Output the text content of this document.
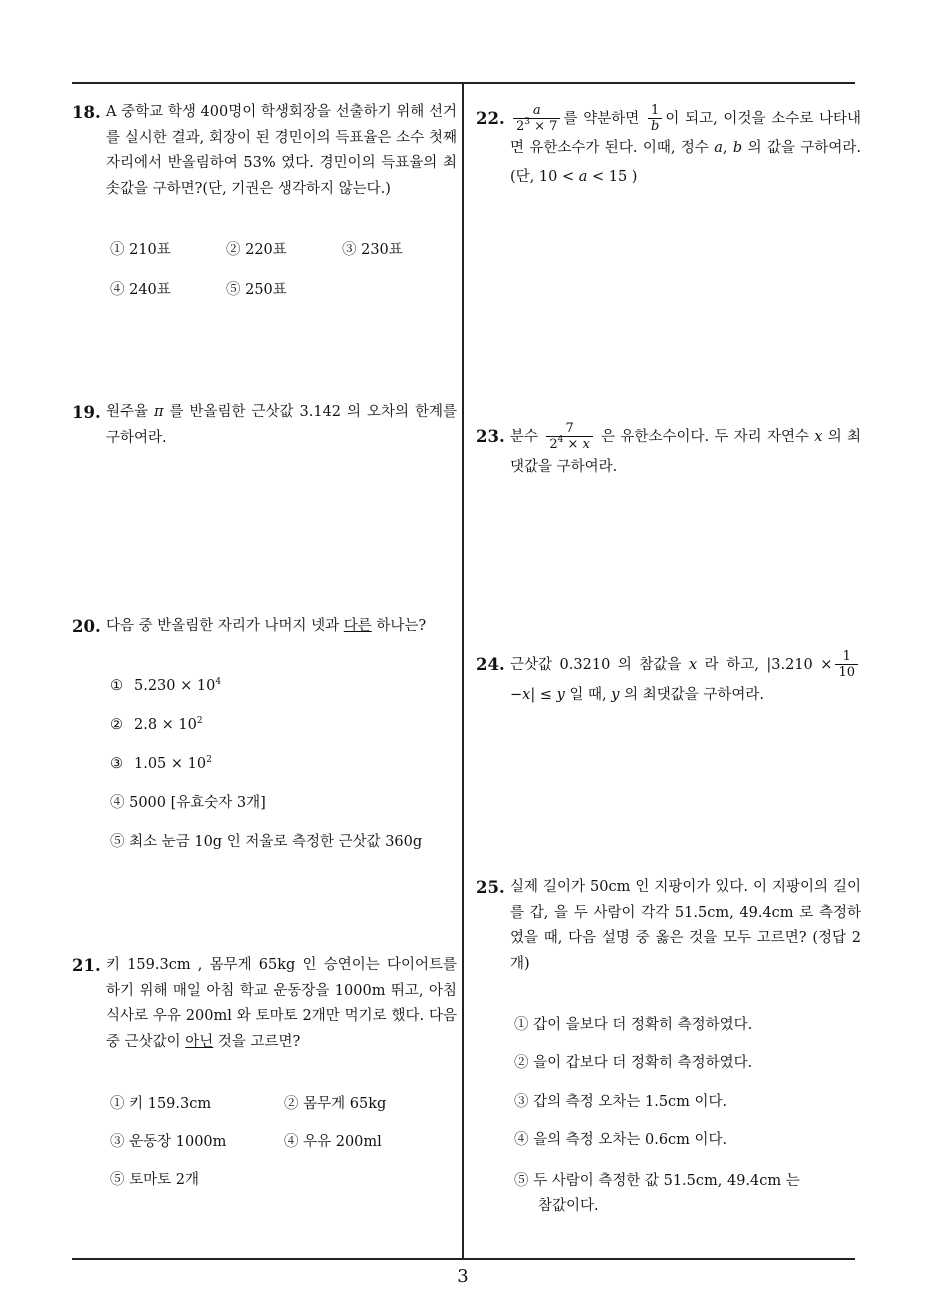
18. A 중학교 학생 400명이 학생회장을 선출하기 위해 선거를 실시한 결과, 회장이 된 경민이의 득표율은 소수 첫째자리에서 반올림하여 53% 였다. 경민이의 득표율의 최솟값을 구하면?(단, 기권은 생각하지 않는다.)
① 210표	② 220표	③ 230표
④ 240표	⑤ 250표
19. 원주율 π 를 반올림한 근삿값 3.142 의 오차의 한계를 구하여라.
20. 다음 중 반올림한 자리가 나머지 넷과 다른 하나는?
① $5.230 \times 10^4$
② $2.8 \times 10^2$
③ $1.05 \times 10^2$
④ 5000 [유효숫자 3개]
⑤ 최소 눈금 10g 인 저울로 측정한 근삿값 360g
21. 키 159.3cm , 몸무게 65kg 인 승연이는 다이어트를 하기 위해 매일 아침 학교 운동장을 1000m 뛰고, 아침식사로 우유 200ml 와 토마토 2개만 먹기로 했다. 다음 중 근삿값이 아닌 것을 고르면?
① 키 159.3cm	② 몸무게 65kg
③ 운동장 1000m	④ 우유 200ml
⑤ 토마토 2개
22. $\frac{a}{2^3 \times 7}$ 를 약분하면 $\frac{1}{b}$ 이 되고, 이것을 소수로 나타내면 유한소수가 된다. 이때, 정수 a, b 의 값을 구하여라.(단, 10 < a < 15 )
23. 분수 $\frac{7}{2^4 \times x}$ 은 유한소수이다. 두 자리 자연수 x 의 최댓값을 구하여라.
24. 근삿값 0.3210 의 참값을 x 라 하고, $|3.210 \times \frac{1}{10}$
−x| ≤ y 일 때, y 의 최댓값을 구하여라.
25. 실제 길이가 50cm 인 지팡이가 있다. 이 지팡이의 길이를 갑, 을 두 사람이 각각 51.5cm, 49.4cm 로 측정하였을 때, 다음 설명 중 옳은 것을 모두 고르면? (정답 2개)
① 갑이 을보다 더 정확히 측정하였다.
② 을이 갑보다 더 정확히 측정하였다.
③ 갑의 측정 오차는 1.5cm 이다.
④ 을의 측정 오차는 0.6cm 이다.
⑤ 두 사람이 측정한 값 51.5cm, 49.4cm 는
참값이다.
3
